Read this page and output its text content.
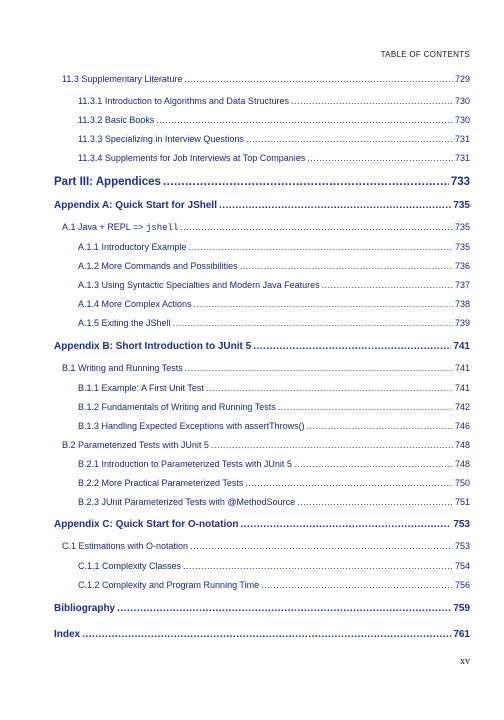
TABLE OF CONTENTS
11.3 Supplementary Literature .....	729
11.3.1 Introduction to Algorithms and Data Structures .....	730
11.3.2 Basic Books .....	730
11.3.3 Specializing in Interview Questions .....	731
11.3.4 Supplements for Job Interviews at Top Companies .....	731
Part III: Appendices .....	733
Appendix A: Quick Start for JShell .....	735
A.1 Java + REPL => jshell .....	735
A.1.1 Introductory Example .....	735
A.1.2 More Commands and Possibilities .....	736
A.1.3 Using Syntactic Specialties and Modern Java Features .....	737
A.1.4 More Complex Actions .....	738
A.1.5 Exiting the JShell .....	739
Appendix B: Short Introduction to JUnit 5 .....	741
B.1 Writing and Running Tests .....	741
B.1.1 Example: A First Unit Test .....	741
B.1.2 Fundamentals of Writing and Running Tests .....	742
B.1.3 Handling Expected Exceptions with assertThrows() .....	746
B.2 Parameterized Tests with JUnit 5 .....	748
B.2.1 Introduction to Parameterized Tests with JUnit 5 .....	748
B.2.2 More Practical Parameterized Tests .....	750
B.2.3 JUnit Parameterized Tests with @MethodSource .....	751
Appendix C: Quick Start for O-notation .....	753
C.1 Estimations with O-notation .....	753
C.1.1 Complexity Classes .....	754
C.1.2 Complexity and Program Running Time .....	756
Bibliography .....	759
Index .....	761
xv
